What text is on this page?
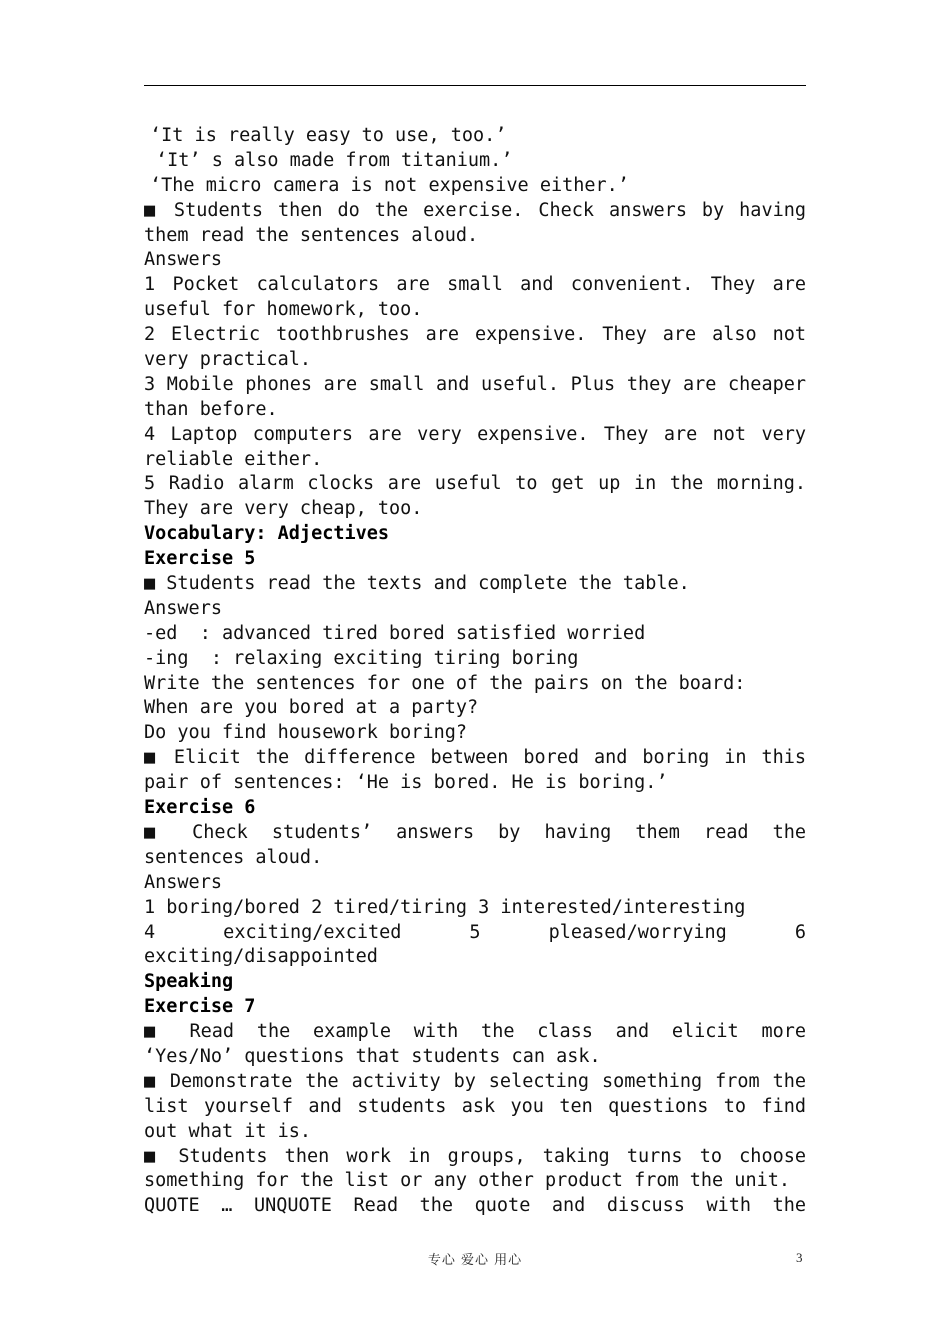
‘It is really easy to use, too.’
‘It’ s also made from titanium.’
‘The micro camera is not expensive either.’
■ Students then do the exercise. Check answers by having
them read the sentences aloud.
Answers
1 Pocket calculators are small and convenient. They are
useful for homework, too.
2 Electric toothbrushes are expensive. They are also not
very practical.
3 Mobile phones are small and useful. Plus they are cheaper
than before.
4 Laptop computers are very expensive. They are not very
reliable either.
5 Radio alarm clocks are useful to get up in the morning.
They are very cheap, too.
Vocabulary: Adjectives
Exercise 5
■ Students read the texts and complete the table.
Answers
-ed  : advanced tired bored satisfied worried
-ing  : relaxing exciting tiring boring
Write the sentences for one of the pairs on the board:
When are you bored at a party?
Do you find housework boring?
■ Elicit the difference between bored and boring in this
pair of sentences: ‘He is bored. He is boring.’
Exercise 6
■ Check students’ answers by having them read the
sentences aloud.
Answers
1 boring/bored 2 tired/tiring 3 interested/interesting
4 exciting/excited 5 pleased/worrying 6
exciting/disappointed
Speaking
Exercise 7
■ Read the example with the class and elicit more
‘Yes/No’ questions that students can ask.
■ Demonstrate the activity by selecting something from the
list yourself and students ask you ten questions to find
out what it is.
■ Students then work in groups, taking turns to choose
something for the list or any other product from the unit.
QUOTE … UNQUOTE Read the quote and discuss with the
专心 爱心 用心	3
